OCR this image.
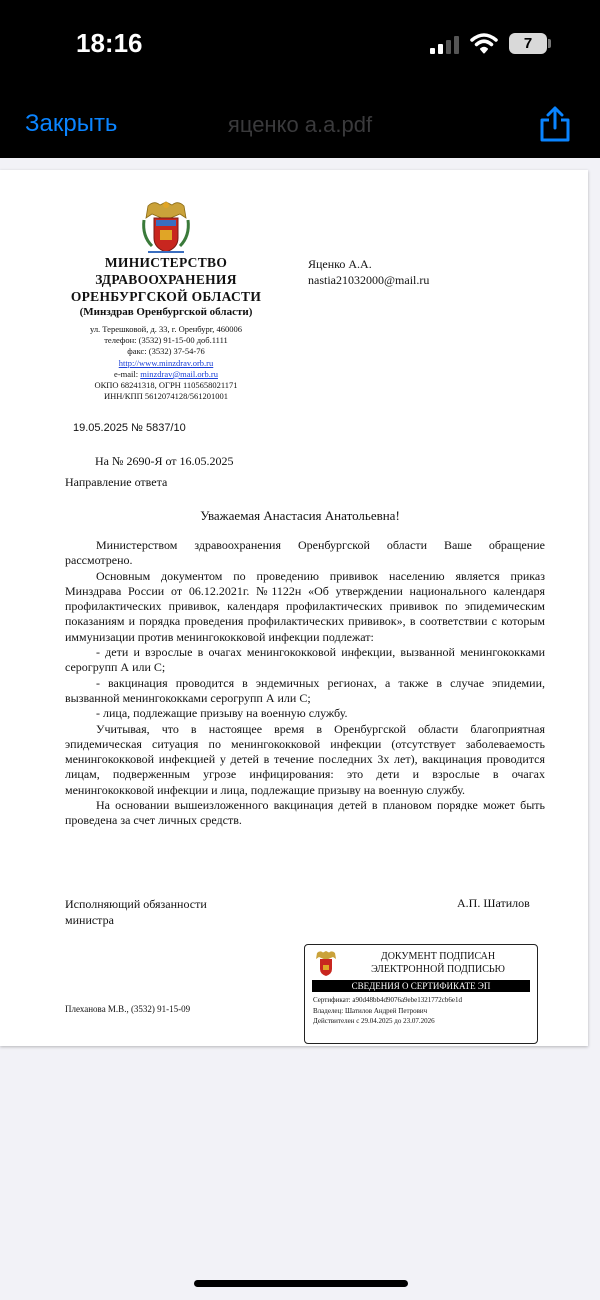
18:16	7
Закрыть	яценко а.а.pdf
МИНИСТЕРСТВО
ЗДРАВООХРАНЕНИЯ
ОРЕНБУРГСКОЙ ОБЛАСТИ
(Минздрав Оренбургской области)
ул. Терешковой, д. 33, г. Оренбург, 460006
телефон: (3532) 91-15-00 доб.1111
факс: (3532) 37-54-76
http://www.minzdrav.orb.ru
e-mail: minzdrav@mail.orb.ru
ОКПО 68241318, ОГРН 1105658021171
ИНН/КПП 5612074128/561201001
Яценко А.А.
nastia21032000@mail.ru
19.05.2025 № 5837/10
На № 2690-Я от 16.05.2025
Направление ответа
Уважаемая Анастасия Анатольевна!

Министерством здравоохранения Оренбургской области Ваше обращение рассмотрено.

Основным документом по проведению прививок населению является приказ Минздрава России от 06.12.2021г. №1122н «Об утверждении национального календаря профилактических прививок, календаря профилактических прививок по эпидемическим показаниям и порядка проведения профилактических прививок», в соответствии с которым иммунизации против менингококковой инфекции подлежат:

- дети и взрослые в очагах менингококковой инфекции, вызванной менингококками серогрупп А или С;

- вакцинация проводится в эндемичных регионах, а также в случае эпидемии, вызванной менингококками серогрупп А или С;

- лица, подлежащие призыву на военную службу.

Учитывая, что в настоящее время в Оренбургской области благоприятная эпидемическая ситуация по менингококковой инфекции (отсутствует заболеваемость менингококковой инфекцией у детей в течение последних 3х лет), вакцинация проводится лицам, подверженным угрозе инфицирования: это дети и взрослые в очагах менингококковой инфекции и лица, подлежащие призыву на военную службу.

На основании вышеизложенного вакцинация детей в плановом порядке может быть проведена за счет личных средств.

Исполняющий обязанности
министра
А.П. Шатилов
ДОКУМЕНТ ПОДПИСАН
ЭЛЕКТРОННОЙ ПОДПИСЬЮ
СВЕДЕНИЯ О СЕРТИФИКАТЕ ЭП
Сертификат: a90d48bb4d9076a9ebe1321772cb6e1d
Владелец: Шатилов Андрей Петрович
Действителен с 29.04.2025 до 23.07.2026
Плеханова М.В., (3532) 91-15-09
